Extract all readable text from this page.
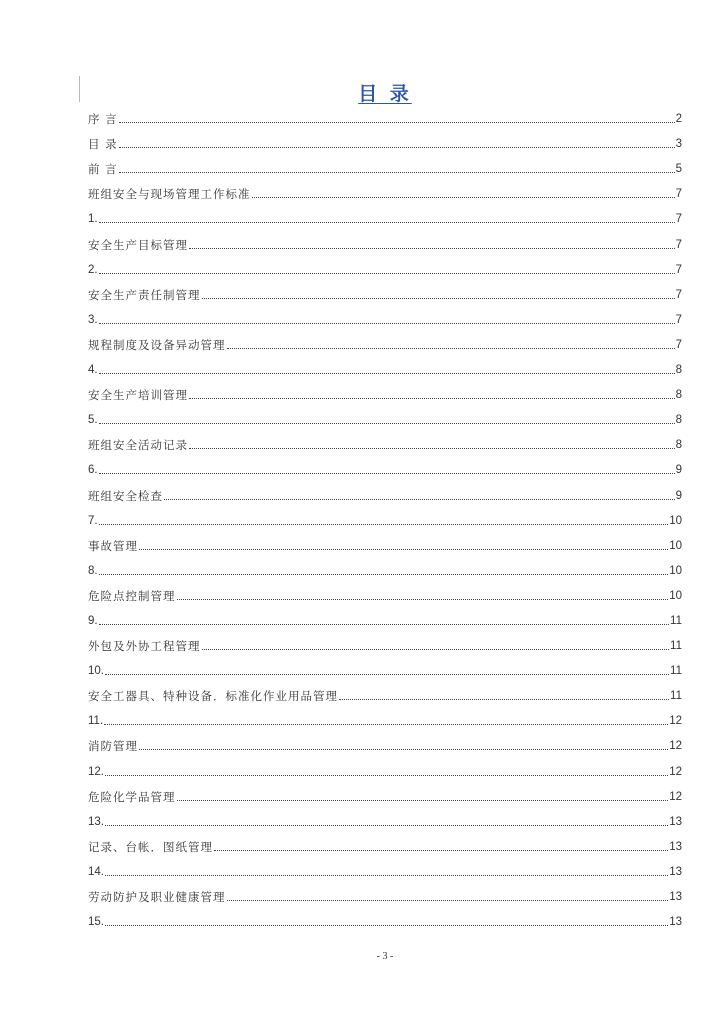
目 录
序 言	2
目 录	3
前 言	5
班组安全与现场管理工作标准	7
1.	7
安全生产目标管理	7
2.	7
安全生产责任制管理	7
3.	7
规程制度及设备异动管理	7
4.	8
安全生产培训管理	8
5.	8
班组安全活动记录	8
6.	9
班组安全检查	9
7.	10
事故管理	10
8.	10
危险点控制管理	10
9.	11
外包及外协工程管理	11
10.	11
安全工器具、特种设备．标准化作业用品管理	11
11.	12
消防管理	12
12.	12
危险化学品管理	12
13.	13
记录、台帐．图纸管理	13
14.	13
劳动防护及职业健康管理	13
15.	13
- 3 -
